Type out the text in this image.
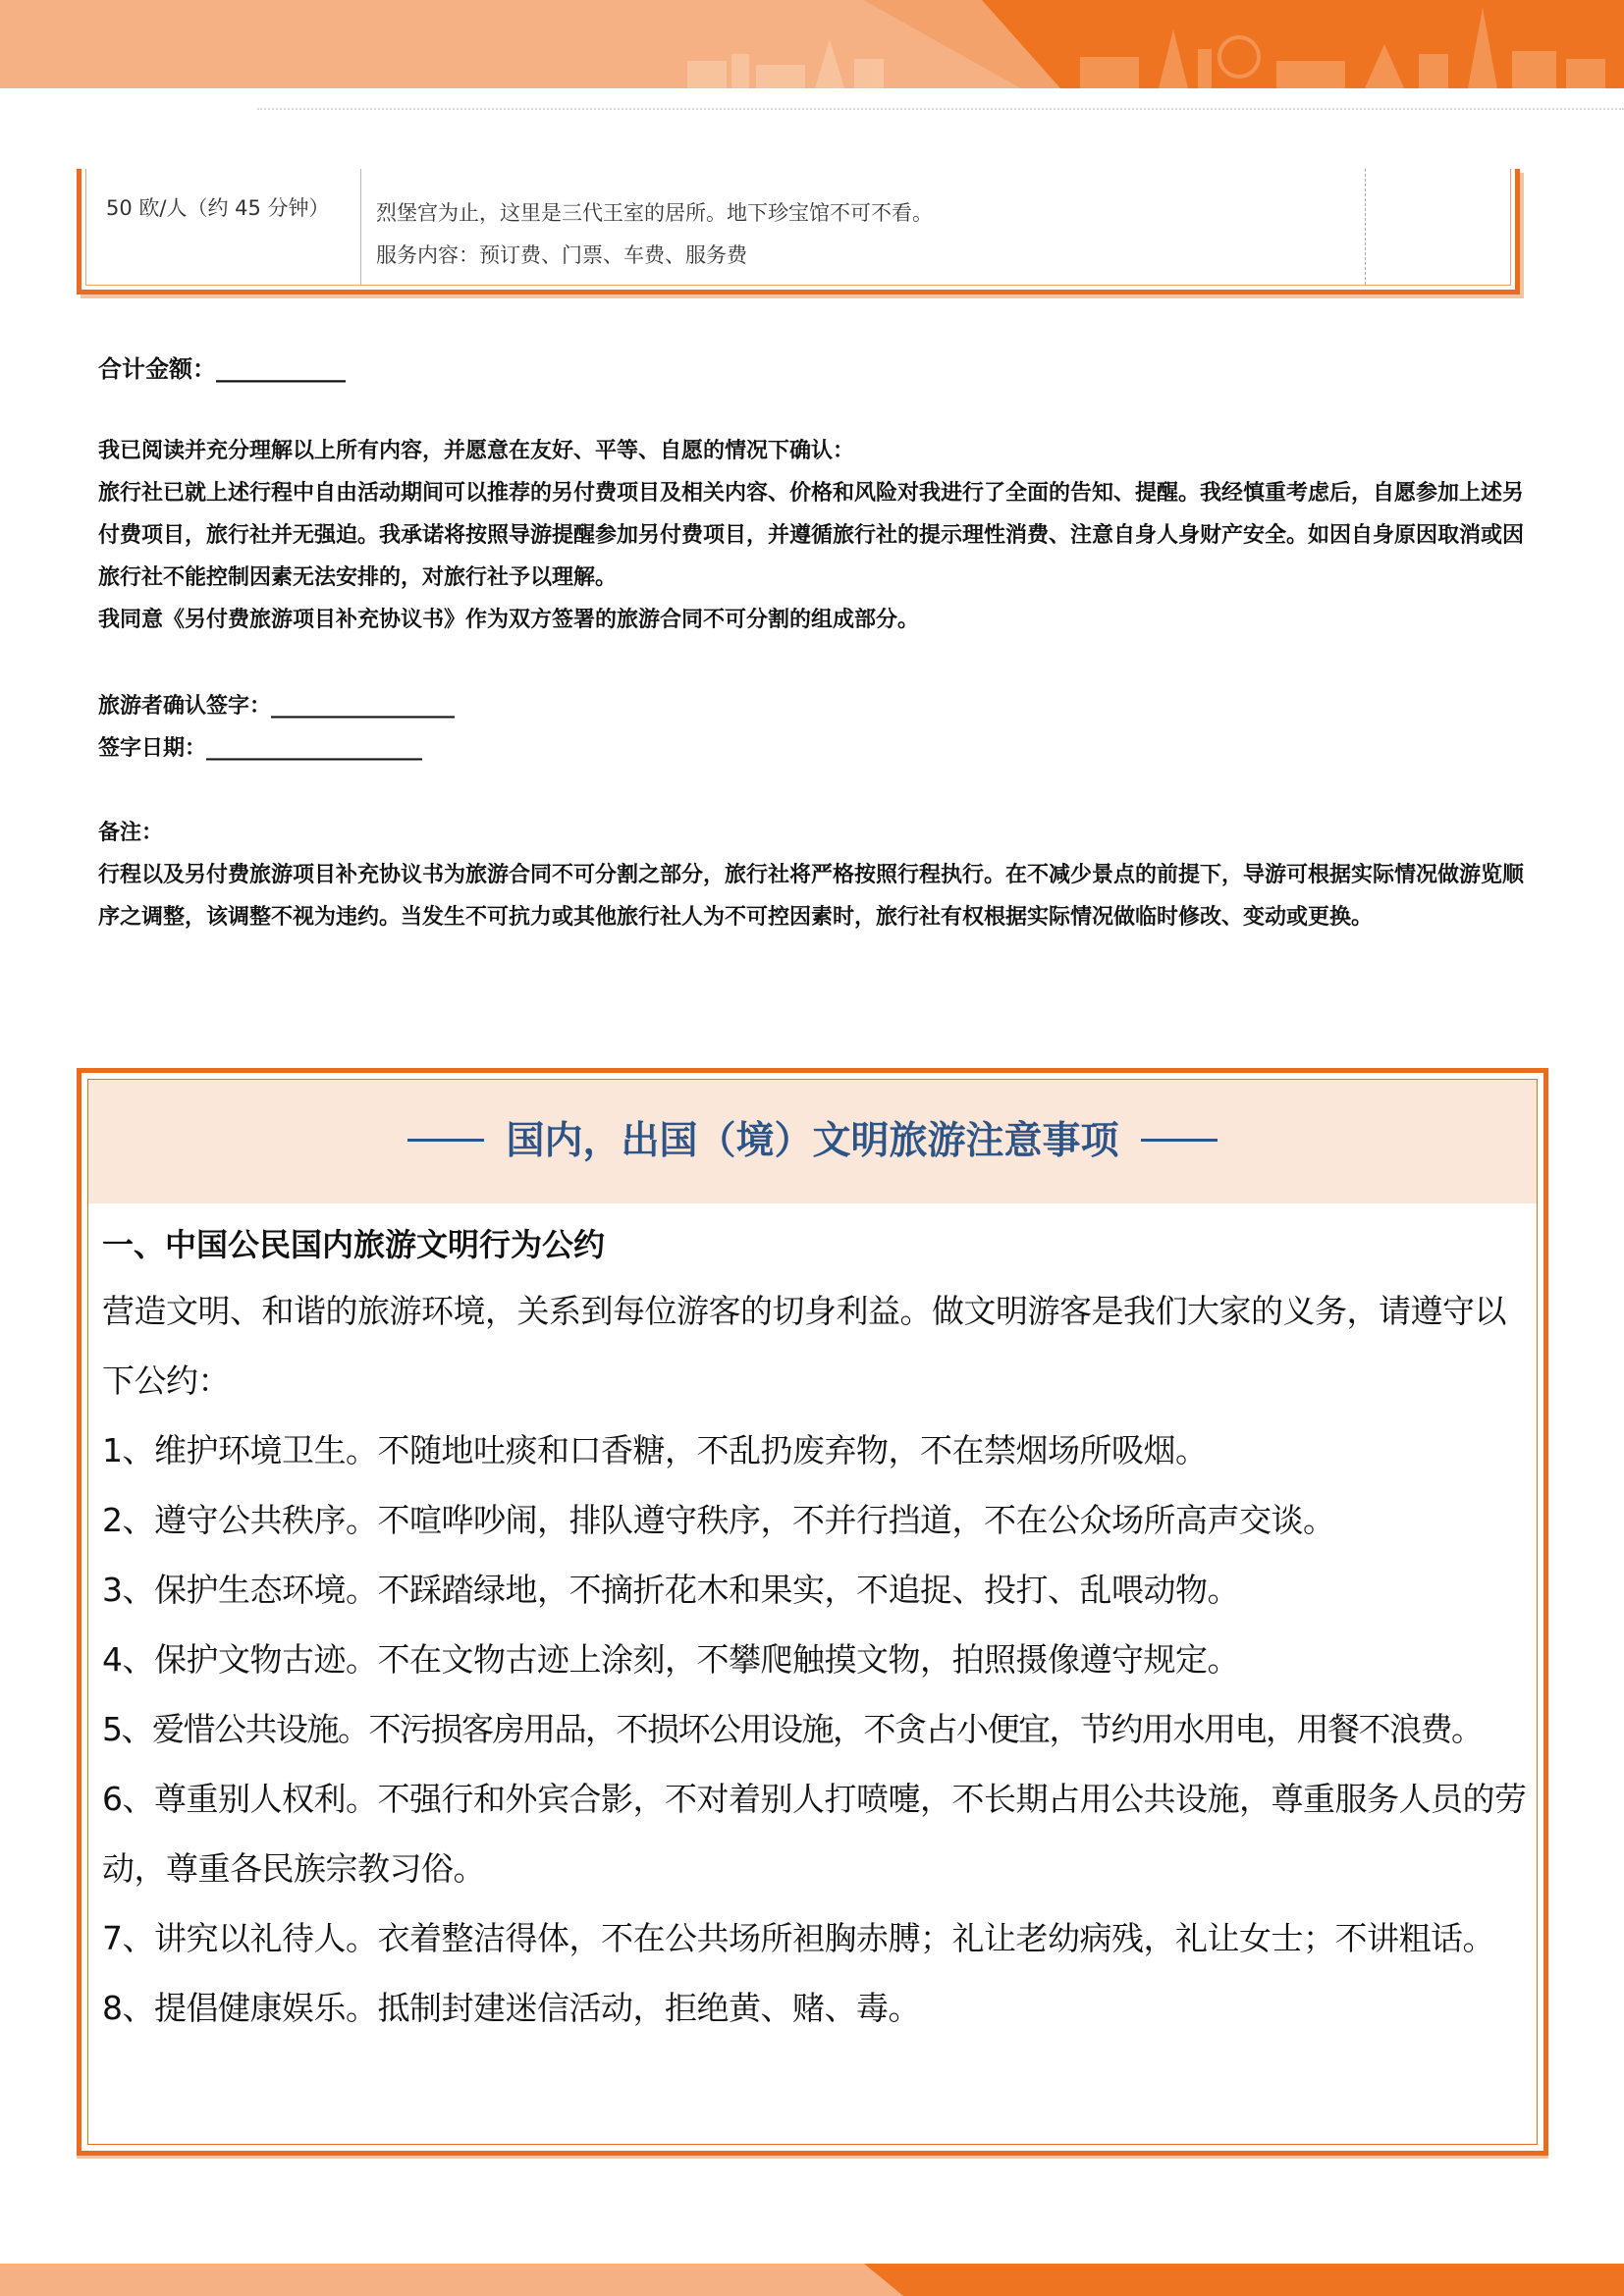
50 欧/人（约 45 分钟） 烈堡宫为止，这里是三代王室的居所。地下珍宝馆不可不看。
服务内容：预订费、门票、车费、服务费
合计金额：___________

我已阅读并充分理解以上所有内容，并愿意在友好、平等、自愿的情况下确认：

旅行社已就上述行程中自由活动期间可以推荐的另付费项目及相关内容、价格和风险对我进行了全面的告知、提醒。我经慎重考虑后，自愿参加上述另付费项目，旅行社并无强迫。我承诺将按照导游提醒参加另付费项目，并遵循旅行社的提示理性消费、注意自身人身财产安全。如因自身原因取消或因旅行社不能控制因素无法安排的，对旅行社予以理解。

我同意《另付费旅游项目补充协议书》作为双方签署的旅游合同不可分割的组成部分。

旅游者确认签字：_________________

签字日期：____________________

备注：

行程以及另付费旅游项目补充协议书为旅游合同不可分割之部分，旅行社将严格按照行程执行。在不减少景点的前提下，导游可根据实际情况做游览顺序之调整，该调整不视为违约。当发生不可抗力或其他旅行社人为不可控因素时，旅行社有权根据实际情况做临时修改、变动或更换。

国内，出国（境）文明旅游注意事项
一、中国公民国内旅游文明行为公约

营造文明、和谐的旅游环境，关系到每位游客的切身利益。做文明游客是我们大家的义务，请遵守以下公约：

1、维护环境卫生。不随地吐痰和口香糖，不乱扔废弃物，不在禁烟场所吸烟。

2、遵守公共秩序。不喧哗吵闹，排队遵守秩序，不并行挡道，不在公众场所高声交谈。

3、保护生态环境。不踩踏绿地，不摘折花木和果实，不追捉、投打、乱喂动物。

4、保护文物古迹。不在文物古迹上涂刻，不攀爬触摸文物，拍照摄像遵守规定。

5、爱惜公共设施。不污损客房用品，不损坏公用设施，不贪占小便宜，节约用水用电，用餐不浪费。

6、尊重别人权利。不强行和外宾合影，不对着别人打喷嚏，不长期占用公共设施，尊重服务人员的劳动，尊重各民族宗教习俗。

7、讲究以礼待人。衣着整洁得体，不在公共场所袒胸赤膊；礼让老幼病残，礼让女士；不讲粗话。

8、提倡健康娱乐。抵制封建迷信活动，拒绝黄、赌、毒。
